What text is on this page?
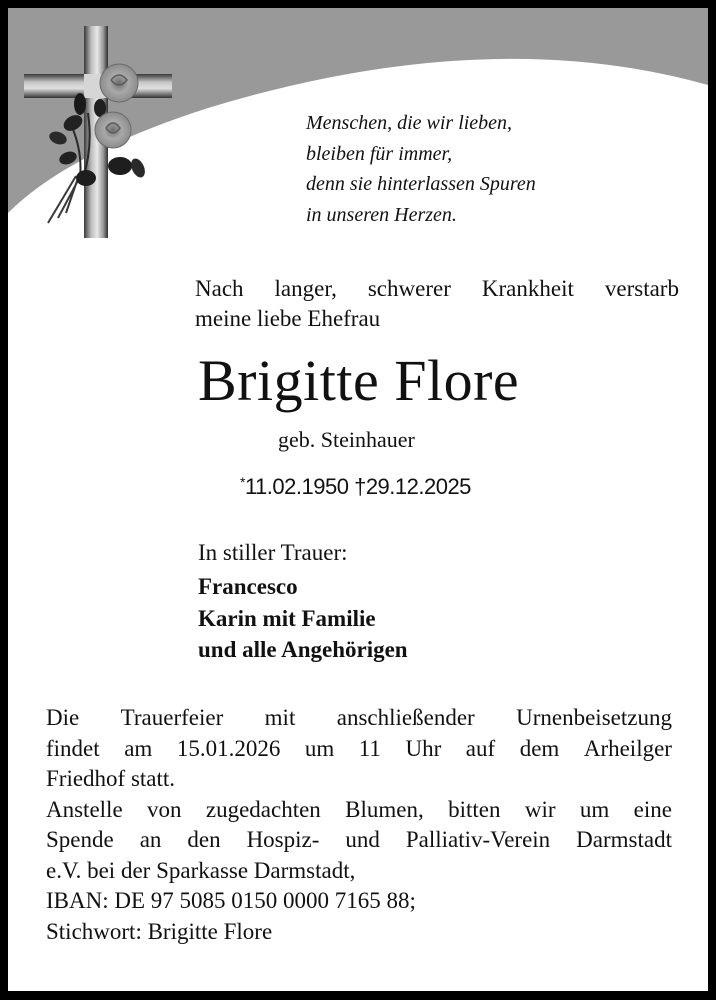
Menschen, die wir lieben,
bleiben für immer,
denn sie hinterlassen Spuren
in unseren Herzen.
Nach langer, schwerer Krankheit verstarb
meine liebe Ehefrau
Brigitte Flore
geb. Steinhauer
*11.02.1950 †29.12.2025
In stiller Trauer:
Francesco
Karin mit Familie
und alle Angehörigen
Die Trauerfeier mit anschließender Urnenbeisetzung
findet am 15.01.2026 um 11 Uhr auf dem Arheilger
Friedhof statt.
Anstelle von zugedachten Blumen, bitten wir um eine
Spende an den Hospiz- und Palliativ-Verein Darmstadt
e.V. bei der Sparkasse Darmstadt,
IBAN: DE 97 5085 0150 0000 7165 88;
Stichwort: Brigitte Flore
